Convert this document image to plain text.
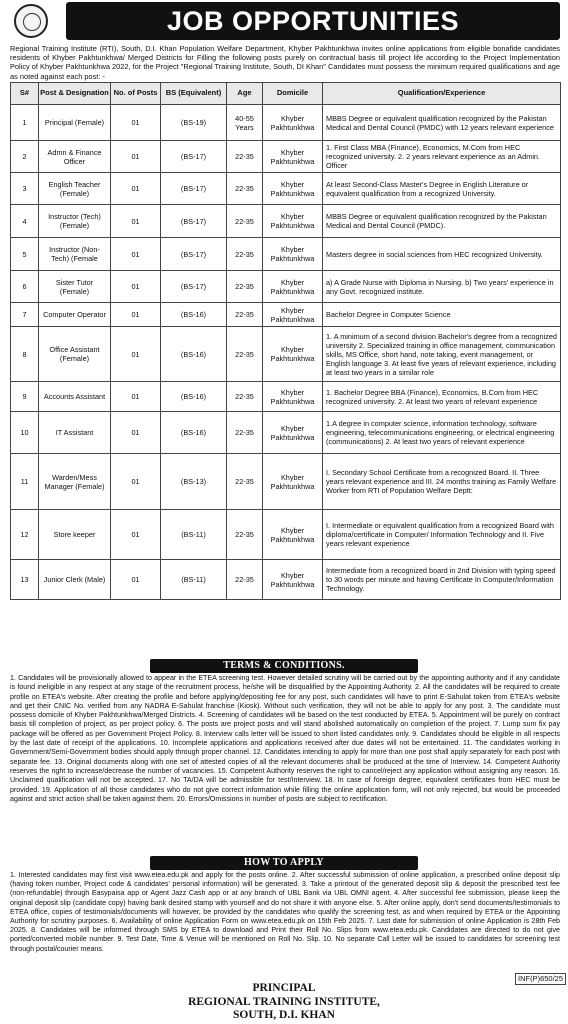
JOB OPPORTUNITIES

Regional Training Institute (RTI), South, D.I. Khan Population Welfare Department, Khyber Pakhtunkhwa invites online applications from eligible bonafide candidates residents of Khyber Pakhtunkhwa/ Merged Districts for Filling the following posts purely on contractual basis till project life according to the Project Implementation Policy of Khyber Pakhtunkhwa 2022, for the Project "Regional Training Institute, South, DI Khan" Candidates must possess the minimum required qualifications and age as noted against each post: -

S#	Post & Designation	No. of Posts	BS (Equivalent)	Age	Domicile	Qualification/Experience
1	Principal (Female)	01	(BS-19)	40-55 Years	Khyber Pakhtunkhwa	MBBS Degree or equivalent qualification recognized by the Pakistan Medical and Dental Council (PMDC) with 12 years relevant experience
2	Admn & Finance Officer	01	(BS-17)	22-35	Khyber Pakhtunkhwa	1. First Class MBA (Finance), Economics, M.Com from HEC recognized university. 2. 2 years relevant experience as an Admin. Officer
3	English Teacher (Female)	01	(BS-17)	22-35	Khyber Pakhtunkhwa	At least Second-Class Master's Degree in English Literature or equivalent qualification from a recognized University.
4	Instructor (Tech) (Female)	01	(BS-17)	22-35	Khyber Pakhtunkhwa	MBBS Degree or equivalent qualification recognized by the Pakistan Medical and Dental Council (PMDC).
5	Instructor (Non-Tech) (Female	01	(BS-17)	22-35	Khyber Pakhtunkhwa	Masters degree in social sciences from HEC recognized University.
6	Sister Tutor (Female)	01	(BS-17)	22-35	Khyber Pakhtunkhwa	a) A Grade Nurse with Diploma in Nursing. b) Two years' experience in any Govt. recognized institute.
7	Computer Operator	01	(BS-16)	22-35	Khyber Pakhtunkhwa	Bachelor Degree in Computer Science
8	Office Assistant (Female)	01	(BS-16)	22-35	Khyber Pakhtunkhwa	1. A minimum of a second division Bachelor's degree from a recognized university 2. Specialized training in office management, communication skills, MS Office, short hand, note taking, event management, or English language 3. At least five years of relevant experience, including at least two years in a similar role
9	Accounts Assistant	01	(BS-16)	22-35	Khyber Pakhtunkhwa	1. Bachelor Degree BBA (Finance), Economics, B.Com from HEC recognized university. 2. At least two years of relevant experience
10	IT Assistant	01	(BS-16)	22-35	Khyber Pakhtunkhwa	1.A degree in computer science, information technology, software engineering, telecommunications engineering, or electrical engineering (communications) 2. At least two years of relevant experience
11	Warden/Mess Manager (Female)	01	(BS-13)	22-35	Khyber Pakhtunkhwa	I. Secondary School Certificate from a recognized Board. II. Three years relevant experience and III. 24 months training as Family Welfare Worker from RTI of Population Welfare Deptt:
12	Store keeper	01	(BS-11)	22-35	Khyber Pakhtunkhwa	I. Intermediate or equivalent qualification from a recognized Board with diploma/certificate in Computer/ Information Technology and II. Five years relevant experience
13	Junior Clerk (Male)	01	(BS-11)	22-35	Khyber Pakhtunkhwa	Intermediate from a recognized board in 2nd Division with typing speed to 30 words per minute and having Certificate In Computer/Information Technology.
TERMS & CONDITIONS.

1. Candidates will be provisionally allowed to appear in the ETEA screening test. However detailed scrutiny will be carried out by the appointing authority and if any candidate is found ineligible in any respect at any stage of the recruitment process, he/she will be disqualified by the Appointing Authority. 2. All the candidates will be required to create profile on ETEA's website. After creating the profile and before applying/depositing fee for any post, such candidates will have to print E-Sahulat token from ETEA's website and get their CNIC No. verified from any NADRA E-Sahulat franchise (Kiosk). Without such verification, they will not be able to apply for any post. 3. The candidate must possess domicile of Khyber Pakhtunkhwa/Merged Districts. 4. Screening of candidates will be based on the test conducted by ETEA. 5. Appointment will be purely on contract basis till completion of project, as per project policy. 6. The posts are project posts and will stand abolished automatically on completion of the project. 7. Lump sum fix pay package will be offered as per Government Project Policy. 8. Interview calls letter will be issued to short listed candidates only. 9. Candidates should be eligible in all respects by the last date of receipt of the applications. 10. Incomplete applications and applications received after due dates will not be entertained. 11. The candidates working in Government/Semi-Government bodies should apply through proper channel. 12. Candidates intending to apply for more than one post shall apply separately for each post with separate fee. 13. Original documents along with one set of attested copies of all the relevant documents shall be produced at the time of Interview. 14. Competent Authority reserves the right to increase/decrease the number of vacancies. 15. Competent Authority reserves the right to cancel/reject any application without assigning any reason. 16. Unclaimed qualification will not be accepted. 17. No TA/DA will be admissible for test/Interview. 18. In case of foreign degree, equivalent certificates from HEC must be provided. 19. Application of all those candidates who do not give correct information while filling the online application form, will not only rejected, but would be proceeded against and strict action shall be taken against them. 20. Errors/Omissions in number of posts are subject to rectification.

HOW TO APPLY

1. Interested candidates may first visit www.etea.edu.pk and apply for the posts online. 2. After successful submission of online application, a prescribed online deposit slip (having token number, Project code & candidates' personal information) will be generated. 3. Take a printout of the generated deposit slip & deposit the prescribed test fee (non-refundable) through Easypaisa app or Agent Jazz Cash app or at any branch of UBL Bank via UBL OMNI agent. 4. After successful fee submission, please keep the original deposit slip (candidate copy) having bank desired stamp with yourself and do not share it with anyone else. 5. After online apply, don't send documents/testimonials to ETEA office, copies of testimonials/documents will however, be provided by the candidates who qualify the screening test, as and when required by ETEA or the Appointing Authority for scrutiny purposes. 6. Availability of online Application Form on www.etea.edu.pk on 15th Feb 2025. 7. Last date for submission of online Application is 28th Feb 2025. 8. Candidates will be informed through SMS by ETEA to download and Print their Roll No. Slips from www.etea.edu.pk. Candidates are directed to do not give ported/converted mobile number. 9. Test Date, Time & Venue will be mentioned on Roll No. Slip. 10. No separate Call Letter will be issued to candidates for screening test through postal/courier means.

INF(P)650/25
PRINCIPAL
REGIONAL TRAINING INSTITUTE,
SOUTH, D.I. KHAN
